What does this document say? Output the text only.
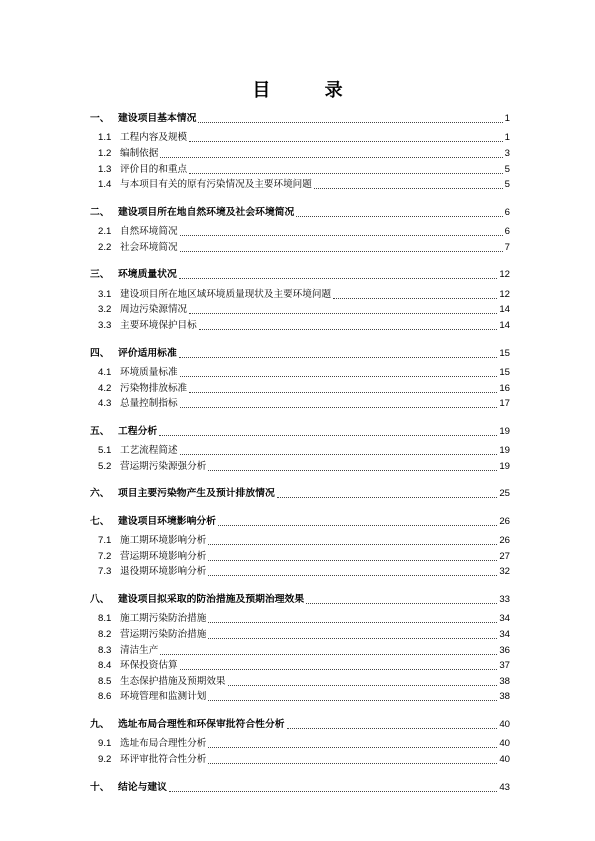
目 录
一、 建设项目基本情况	1
1.1 工程内容及规模	1
1.2 编制依据	3
1.3 评价目的和重点	5
1.4 与本项目有关的原有污染情况及主要环境问题	5
二、 建设项目所在地自然环境及社会环境简况	6
2.1 自然环境简况	6
2.2 社会环境简况	7
三、 环境质量状况	12
3.1 建设项目所在地区域环境质量现状及主要环境问题	12
3.2 周边污染源情况	14
3.3 主要环境保护目标	14
四、 评价适用标准	15
4.1 环境质量标准	15
4.2 污染物排放标准	16
4.3 总量控制指标	17
五、 工程分析	19
5.1 工艺流程简述	19
5.2 营运期污染源强分析	19
六、 项目主要污染物产生及预计排放情况	25
七、 建设项目环境影响分析	26
7.1 施工期环境影响分析	26
7.2 营运期环境影响分析	27
7.3 退役期环境影响分析	32
八、 建设项目拟采取的防治措施及预期治理效果	33
8.1 施工期污染防治措施	34
8.2 营运期污染防治措施	34
8.3 清洁生产	36
8.4 环保投资估算	37
8.5 生态保护措施及预期效果	38
8.6 环境管理和监测计划	38
九、 选址布局合理性和环保审批符合性分析	40
9.1 选址布局合理性分析	40
9.2 环评审批符合性分析	40
十、 结论与建议	43
